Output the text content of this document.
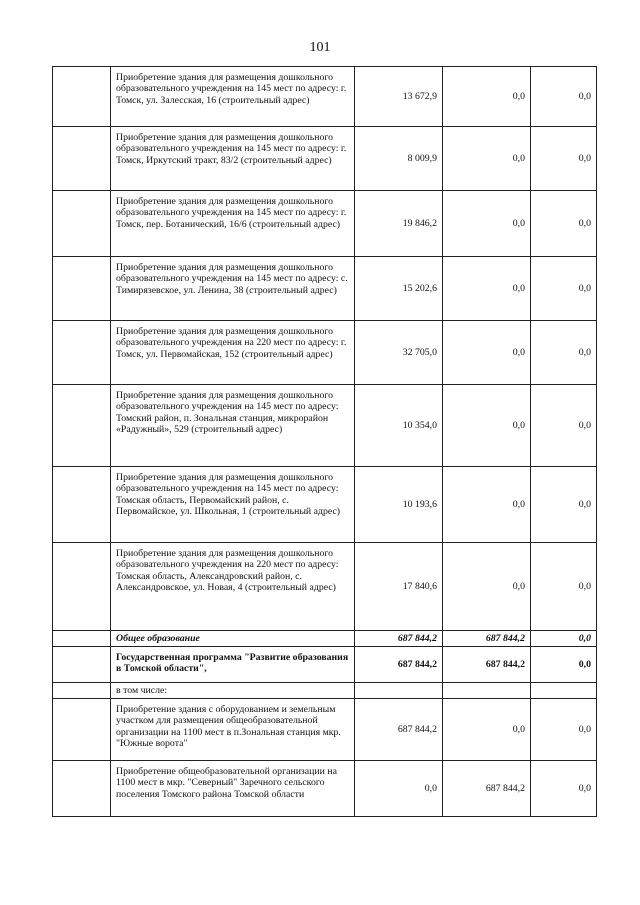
101
	Приобретение здания для размещения дошкольного образовательного учреждения на 145 мест по адресу: г. Томск, ул. Залесская, 16 (строительный адрес)	13 672,9	0,0	0,0
	Приобретение здания для размещения дошкольного образовательного учреждения на 145 мест по адресу: г. Томск, Иркутский тракт, 83/2 (строительный адрес)	8 009,9	0,0	0,0
	Приобретение здания для размещения дошкольного образовательного учреждения на 145 мест по адресу: г. Томск, пер. Ботанический, 16/6 (строительный адрес)	19 846,2	0,0	0,0
	Приобретение здания для размещения дошкольного образовательного учреждения на 145 мест по адресу: с. Тимирязевское, ул. Ленина, 38 (строительный адрес)	15 202,6	0,0	0,0
	Приобретение здания для размещения дошкольного образовательного учреждения на 220 мест по адресу: г. Томск, ул. Первомайская, 152 (строительный адрес)	32 705,0	0,0	0,0
	Приобретение здания для размещения дошкольного образовательного учреждения на 145 мест по адресу: Томский район, п. Зональная станция, микрорайон «Радужный», 529 (строительный адрес)	10 354,0	0,0	0,0
	Приобретение здания для размещения дошкольного образовательного учреждения на 145 мест по адресу: Томская область, Первомайский район, с. Первомайское, ул. Школьная, 1 (строительный адрес)	10 193,6	0,0	0,0
	Приобретение здания для размещения дошкольного образовательного учреждения на 220 мест по адресу: Томская область, Александровский район, с. Александровское, ул. Новая, 4 (строительный адрес)	17 840,6	0,0	0,0
	Общее образование	687 844,2	687 844,2	0,0
	Государственная программа "Развитие образования в Томской области",	687 844,2	687 844,2	0,0
	в том числе:			
	Приобретение здания с оборудованием и земельным участком для размещения общеобразовательной организации на 1100 мест в п.Зональная станция мкр. "Южные ворота"	687 844,2	0,0	0,0
	Приобретение общеобразовательной организации на 1100 мест в мкр. "Северный" Заречного сельского поселения Томского района Томской области	0,0	687 844,2	0,0
